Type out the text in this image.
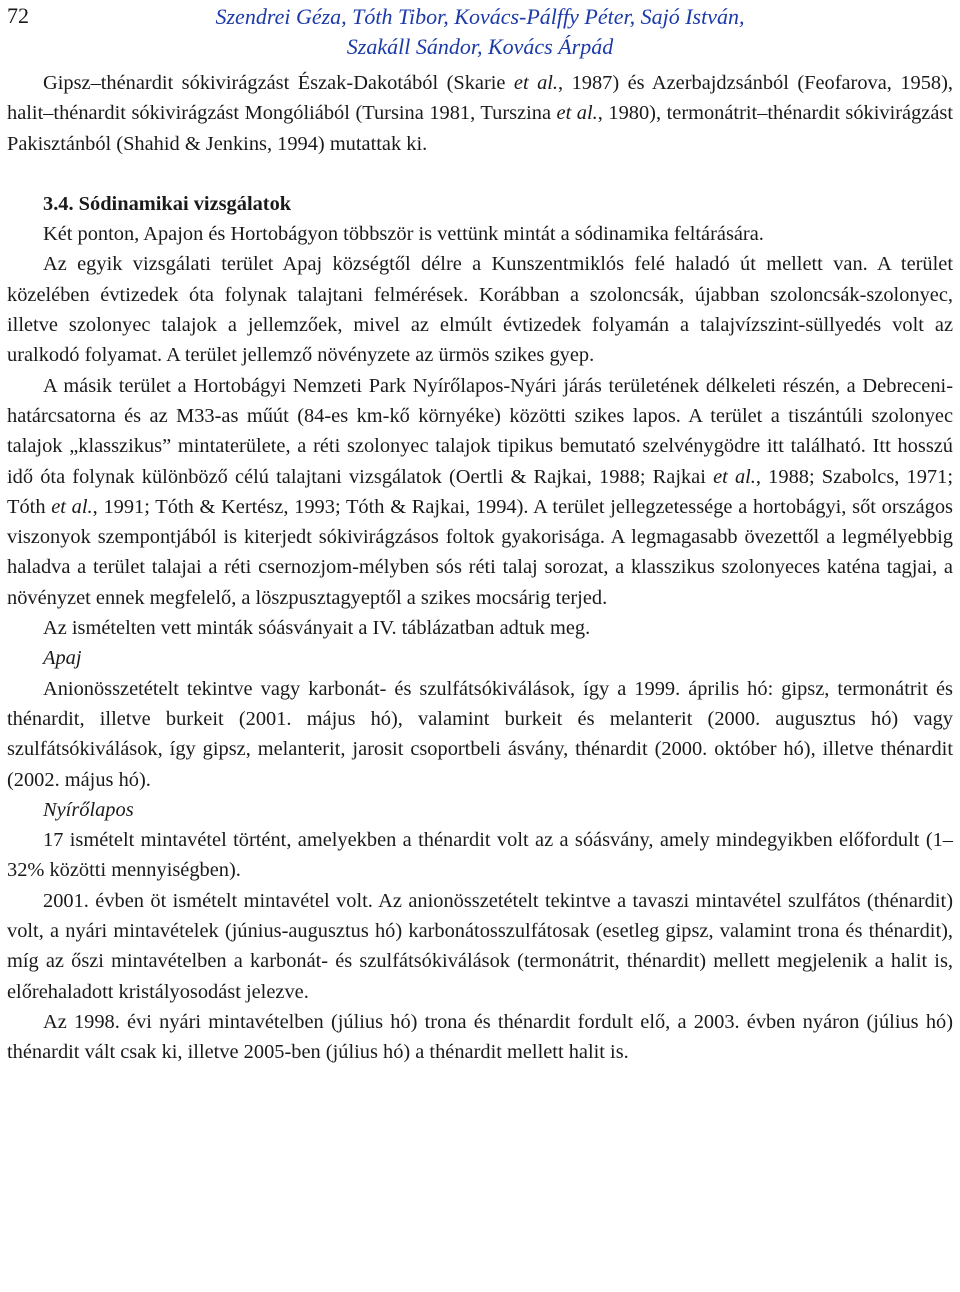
72	Szendrei Géza, Tóth Tibor, Kovács-Pálffy Péter, Sajó István,
Szakáll Sándor, Kovács Árpád

Gipsz–thénardit sókivirágzást Észak-Dakotából (Skarie et al., 1987) és Azerbajdzsánból (Feofarova, 1958), halit–thénardit sókivirágzást Mongóliából (Tursina 1981, Turszina et al., 1980), termonátrit–thénardit sókivirágzást Pakisztánból (Shahid & Jenkins, 1994) mutattak ki.

3.4. Sódinamikai vizsgálatok

Két ponton, Apajon és Hortobágyon többször is vettünk mintát a sódinamika feltárására.

Az egyik vizsgálati terület Apaj községtől délre a Kunszentmiklós felé haladó út mellett van. A terület közelében évtizedek óta folynak talajtani felmérések. Korábban a szoloncsák, újabban szoloncsák-szolonyec, illetve szolonyec talajok a jellemzőek, mivel az elmúlt évtizedek folyamán a talajvízszint-süllyedés volt az uralkodó folyamat. A terület jellemző növényzete az ürmös szikes gyep.

A másik terület a Hortobágyi Nemzeti Park Nyírőlapos-Nyári járás területének délkeleti részén, a Debreceni-határcsatorna és az M33-as műút (84-es km-kő környéke) közötti szikes lapos. A terület a tiszántúli szolonyec talajok „klasszikus” mintaterülete, a réti szolonyec talajok tipikus bemutató szelvénygödre itt található. Itt hosszú idő óta folynak különböző célú talajtani vizsgálatok (Oertli & Rajkai, 1988; Rajkai et al., 1988; Szabolcs, 1971; Tóth et al., 1991; Tóth & Kertész, 1993; Tóth & Rajkai, 1994). A terület jellegzetessége a hortobágyi, sőt országos viszonyok szempontjából is kiterjedt sókivirágzásos foltok gyakorisága. A legmagasabb övezettől a legmélyebbig haladva a terület talajai a réti csernozjom-mélyben sós réti talaj sorozat, a klasszikus szolonyeces katéna tagjai, a növényzet ennek megfelelő, a löszpusztagyeptől a szikes mocsárig terjed.

Az ismételten vett minták sóásványait a IV. táblázatban adtuk meg.

Apaj

Anionösszetételt tekintve vagy karbonát- és szulfátsókiválások, így a 1999. április hó: gipsz, termonátrit és thénardit, illetve burkeit (2001. május hó), valamint burkeit és melanterit (2000. augusztus hó) vagy szulfátsókiválások, így gipsz, melanterit, jarosit csoportbeli ásvány, thénardit (2000. október hó), illetve thénardit (2002. május hó).

Nyírőlapos

17 ismételt mintavétel történt, amelyekben a thénardit volt az a sóásvány, amely mindegyikben előfordult (1–32% közötti mennyiségben).

2001. évben öt ismételt mintavétel volt. Az anionösszetételt tekintve a tavaszi mintavétel szulfátos (thénardit) volt, a nyári mintavételek (június-augusztus hó) karbonátosszulfátosak (esetleg gipsz, valamint trona és thénardit), míg az őszi mintavételben a karbonát- és szulfátsókiválások (termonátrit, thénardit) mellett megjelenik a halit is, előrehaladott kristályosodást jelezve.

Az 1998. évi nyári mintavételben (július hó) trona és thénardit fordult elő, a 2003. évben nyáron (július hó) thénardit vált csak ki, illetve 2005-ben (július hó) a thénardit mellett halit is.
